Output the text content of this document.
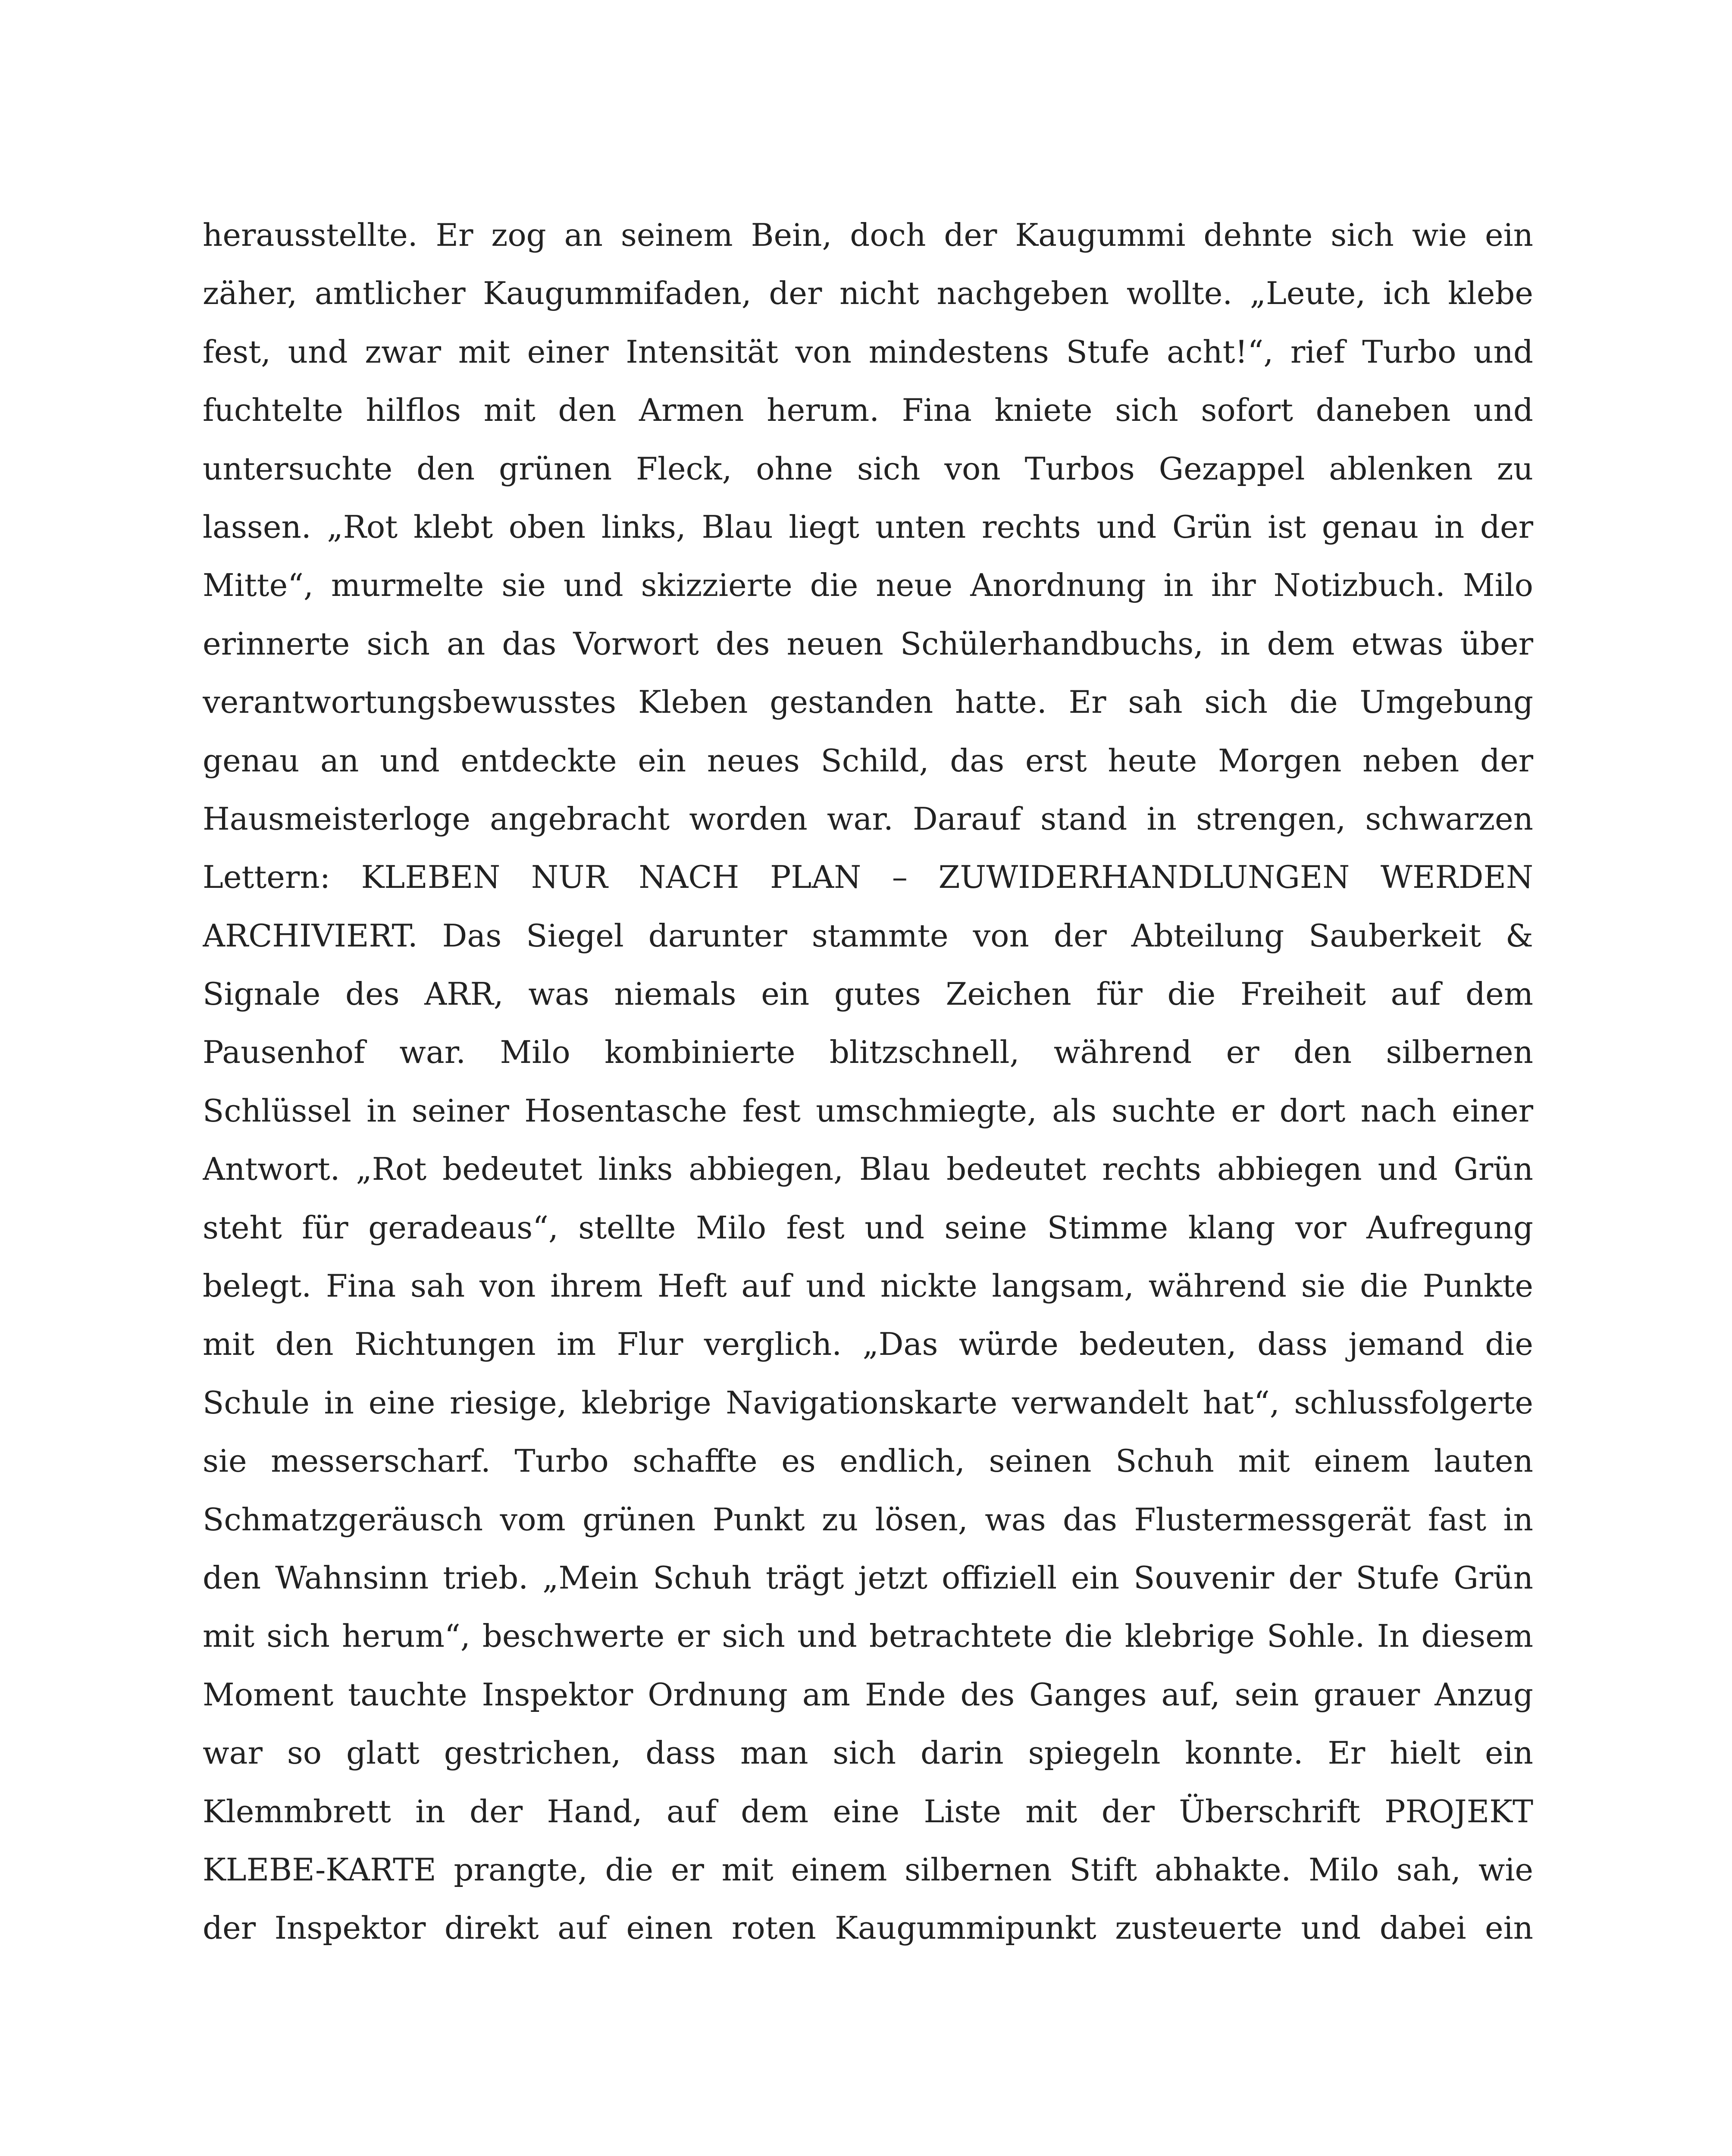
herausstellte. Er zog an seinem Bein, doch der Kaugummi dehnte sich wie ein
zäher, amtlicher Kaugummifaden, der nicht nachgeben wollte. „Leute, ich klebe
fest, und zwar mit einer Intensität von mindestens Stufe acht!“, rief Turbo und
fuchtelte hilflos mit den Armen herum. Fina kniete sich sofort daneben und
untersuchte den grünen Fleck, ohne sich von Turbos Gezappel ablenken zu
lassen. „Rot klebt oben links, Blau liegt unten rechts und Grün ist genau in der
Mitte“, murmelte sie und skizzierte die neue Anordnung in ihr Notizbuch. Milo
erinnerte sich an das Vorwort des neuen Schülerhandbuchs, in dem etwas über
verantwortungsbewusstes Kleben gestanden hatte. Er sah sich die Umgebung
genau an und entdeckte ein neues Schild, das erst heute Morgen neben der
Hausmeisterloge angebracht worden war. Darauf stand in strengen, schwarzen
Lettern: KLEBEN NUR NACH PLAN – ZUWIDERHANDLUNGEN WERDEN
ARCHIVIERT. Das Siegel darunter stammte von der Abteilung Sauberkeit &
Signale des ARR, was niemals ein gutes Zeichen für die Freiheit auf dem
Pausenhof war. Milo kombinierte blitzschnell, während er den silbernen
Schlüssel in seiner Hosentasche fest umschmiegte, als suchte er dort nach einer
Antwort. „Rot bedeutet links abbiegen, Blau bedeutet rechts abbiegen und Grün
steht für geradeaus“, stellte Milo fest und seine Stimme klang vor Aufregung
belegt. Fina sah von ihrem Heft auf und nickte langsam, während sie die Punkte
mit den Richtungen im Flur verglich. „Das würde bedeuten, dass jemand die
Schule in eine riesige, klebrige Navigationskarte verwandelt hat“, schlussfolgerte
sie messerscharf. Turbo schaffte es endlich, seinen Schuh mit einem lauten
Schmatzgeräusch vom grünen Punkt zu lösen, was das Flustermessgerät fast in
den Wahnsinn trieb. „Mein Schuh trägt jetzt offiziell ein Souvenir der Stufe Grün
mit sich herum“, beschwerte er sich und betrachtete die klebrige Sohle. In diesem
Moment tauchte Inspektor Ordnung am Ende des Ganges auf, sein grauer Anzug
war so glatt gestrichen, dass man sich darin spiegeln konnte. Er hielt ein
Klemmbrett in der Hand, auf dem eine Liste mit der Überschrift PROJEKT
KLEBE-KARTE prangte, die er mit einem silbernen Stift abhakte. Milo sah, wie
der Inspektor direkt auf einen roten Kaugummipunkt zusteuerte und dabei ein
